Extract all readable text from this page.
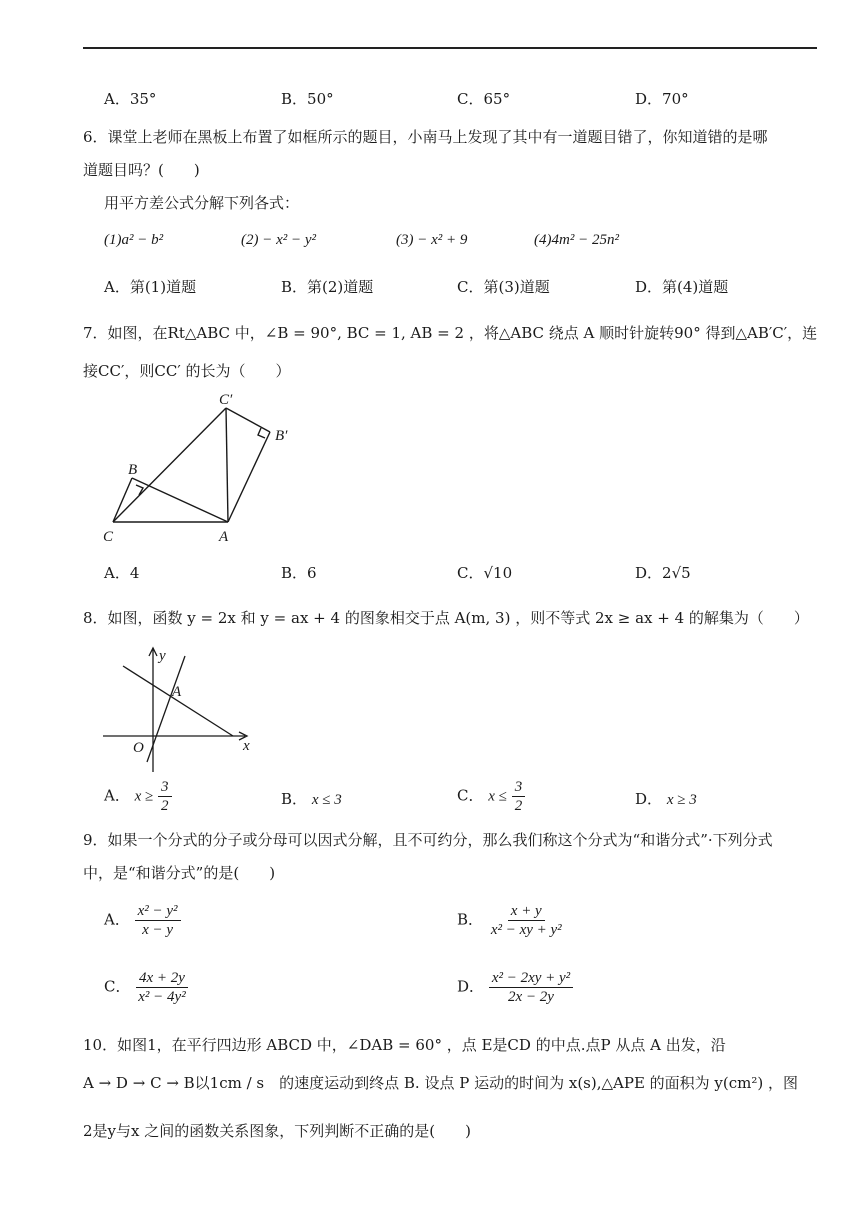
A．35°	B．50°	C．65°	D．70°
6．课堂上老师在黑板上布置了如框所示的题目，小南马上发现了其中有一道题目错了，你知道错的是哪
道题目吗？(　　)
用平方差公式分解下列各式：
(1)a² − b²	(2) − x² − y²	(3) − x² + 9	(4)4m² − 25n²
A．第(1)道题	B．第(2)道题	C．第(3)道题	D．第(4)道题
7．如图，在Rt△ABC 中，∠B = 90°, BC = 1, AB = 2 ，将△ABC 绕点 A 顺时针旋转90° 得到△AB′C′，连
接CC′，则CC′ 的长为（　　）
C′
B′
B
C	A
A．4	B．6	C．√10	D．2√5
8．如图，函数 y = 2x 和 y = ax + 4 的图象相交于点 A(m, 3) ，则不等式 2x ≥ ax + 4 的解集为（　　）
y
A
O	x
A． $x \ge \frac{3}{2}$	B． x ≤ 3	C． $x \le \frac{3}{2}$	D． x ≥ 3
9．如果一个分式的分子或分母可以因式分解，且不可约分，那么我们称这个分式为“和谐分式”·下列分式
中，是“和谐分式”的是(　　)
A． $\frac{\text{x² − y²}}{x - y}$	B． $\frac{x + y}{\text{x² − xy + y²}}$
C． $\frac{4x + 2y}{\text{x² − 4y²}}$	D． $\frac{\text{x² − 2xy + y²}}{2x - 2y}$
10．如图1，在平行四边形 ABCD 中，∠DAB = 60° ，点 E是CD 的中点.点P 从点 A 出发，沿
A → D → C → B以1cm / s　的速度运动到终点 B. 设点 P 运动的时间为 x(s),△APE 的面积为 y(cm²) ，图
2是y与x 之间的函数关系图象，下列判断不正确的是(　　)
